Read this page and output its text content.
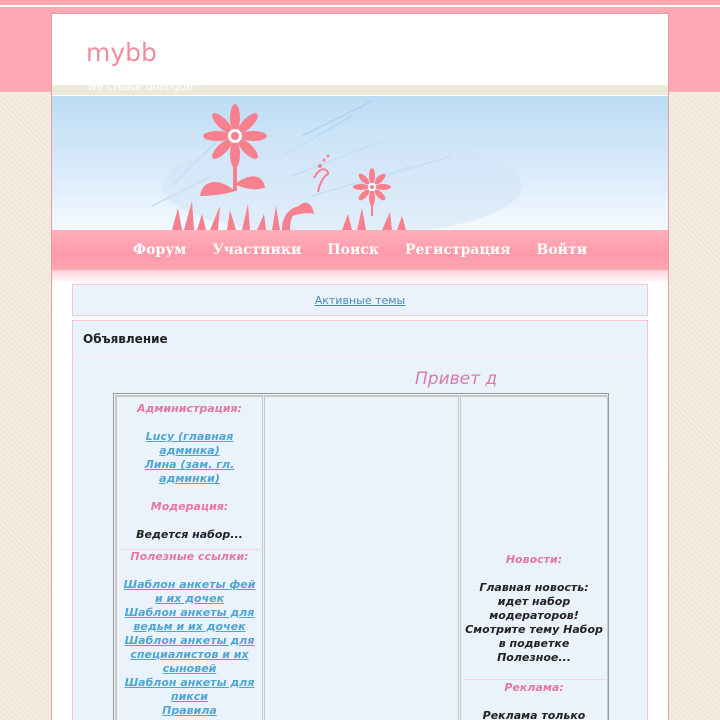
mybb
we create dialogue!
Форум Участники Поиск Регистрация Войти
Активные темы
Объявление
Привет д
Администрация:
Lucy (главная админка)
Лина (зам. гл. админки)
Модерация:
Ведется набор...
Полезные ссылки:
Шаблон анкеты фей и их дочек
Шаблон анкеты для ведьм и их дочек
Шаблон анкеты для специалистов и их сыновей
Шаблон анкеты для пикси
Правила
Новости:
Главная новость: идет набор модераторов! Смотрите тему Набор в подветке Полезное...
Реклама:
Реклама только
